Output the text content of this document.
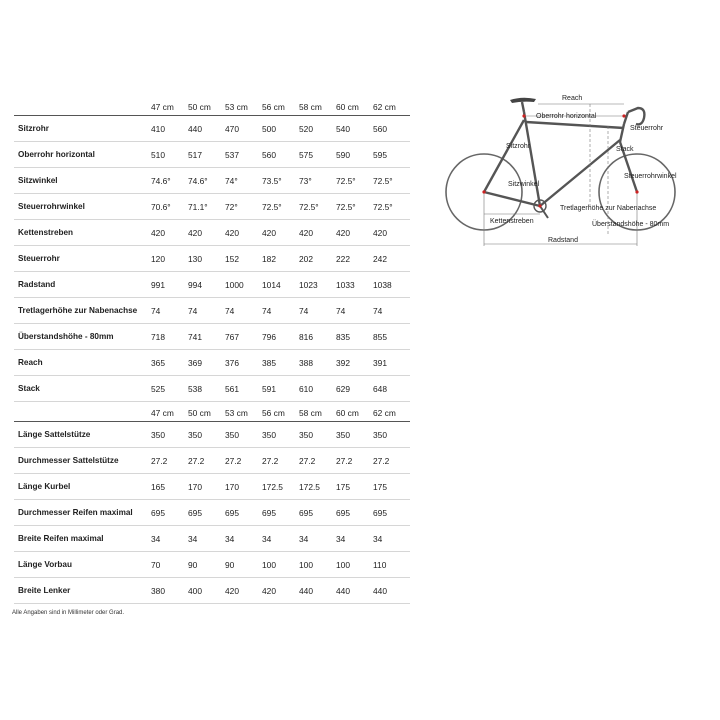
	47 cm	50 cm	53 cm	56 cm	58 cm	60 cm	62 cm
Sitzrohr	410	440	470	500	520	540	560
Oberrohr horizontal	510	517	537	560	575	590	595
Sitzwinkel	74.6°	74.6°	74°	73.5°	73°	72.5°	72.5°
Steuerrohrwinkel	70.6°	71.1°	72°	72.5°	72.5°	72.5°	72.5°
Kettenstreben	420	420	420	420	420	420	420
Steuerrohr	120	130	152	182	202	222	242
Radstand	991	994	1000	1014	1023	1033	1038
Tretlagerhöhe zur Nabenachse	74	74	74	74	74	74	74
Überstandshöhe - 80mm	718	741	767	796	816	835	855
Reach	365	369	376	385	388	392	391
Stack	525	538	561	591	610	629	648
	47 cm	50 cm	53 cm	56 cm	58 cm	60 cm	62 cm
Länge Sattelstütze	350	350	350	350	350	350	350
Durchmesser Sattelstütze	27.2	27.2	27.2	27.2	27.2	27.2	27.2
Länge Kurbel	165	170	170	172.5	172.5	175	175
Durchmesser Reifen maximal	695	695	695	695	695	695	695
Breite Reifen maximal	34	34	34	34	34	34	34
Länge Vorbau	70	90	90	100	100	100	110
Breite Lenker	380	400	420	420	440	440	440
Alle Angaben sind in Millimeter oder Grad.
Reach
Oberrohr horizontal
Steuerrohr
Sitzrohr	Stack
Steuerrohrwinkel
Sitzwinkel
Tretlagerhöhe zur Nabenachse
Kettenstreben	Überstandshöhe - 80mm
Radstand
